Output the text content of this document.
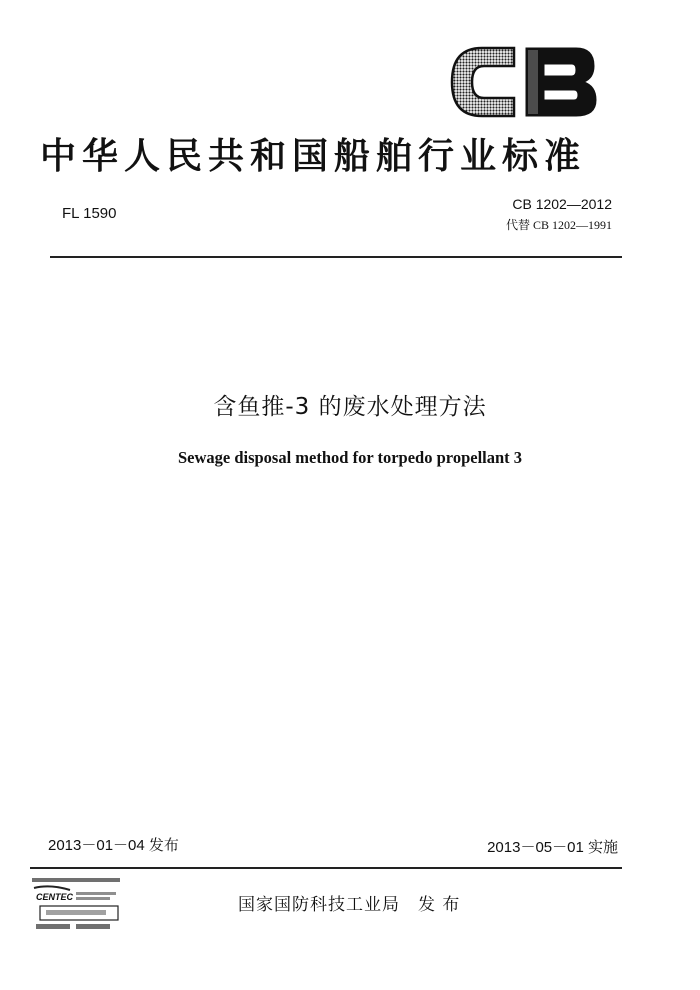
中华人民共和国船舶行业标准
FL 1590
CB 1202—2012
代替 CB 1202—1991
含鱼推-3 的废水处理方法
Sewage disposal method for torpedo propellant 3
2013－01－04 发布	2013－05－01 实施
CENTEC	国家国防科技工业局 发 布
